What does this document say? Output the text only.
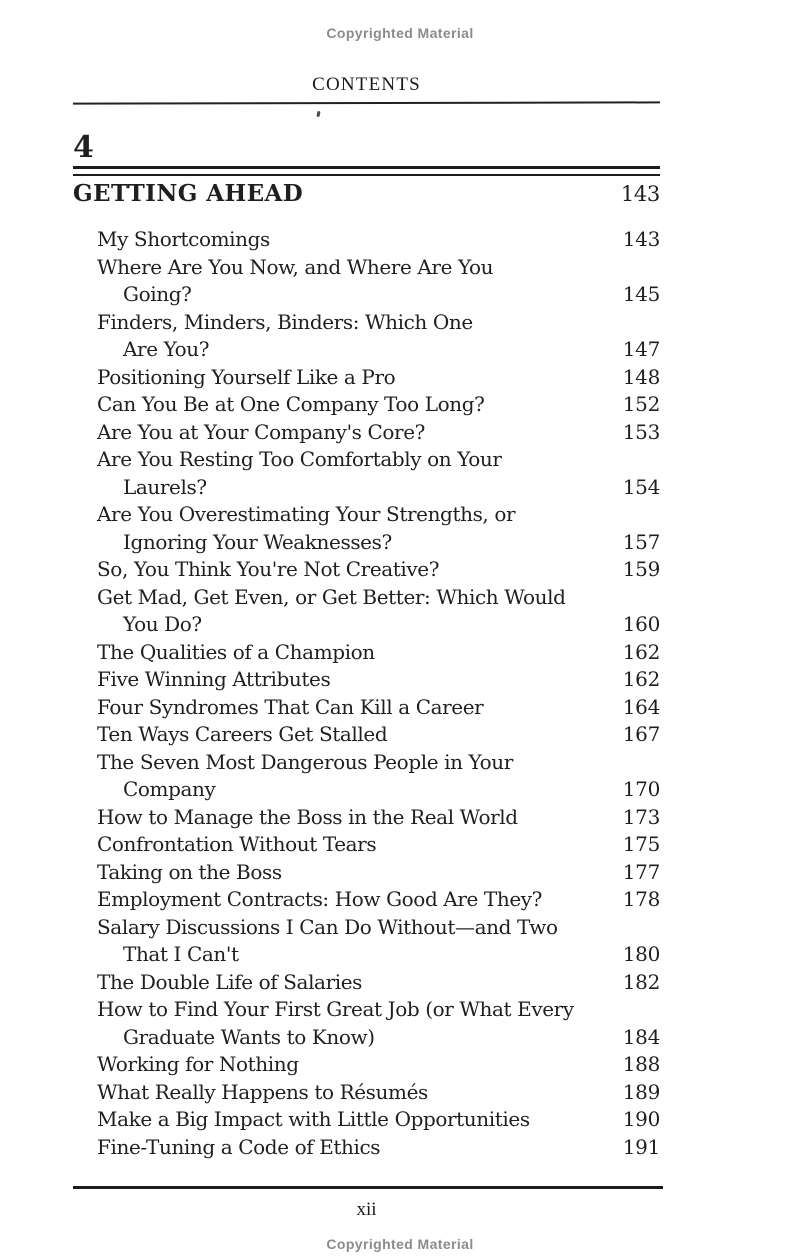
Copyrighted Material
CONTENTS
4
GETTING AHEAD	143
My Shortcomings	143
Where Are You Now, and Where Are You
Going?	145
Finders, Minders, Binders: Which One
Are You?	147
Positioning Yourself Like a Pro	148
Can You Be at One Company Too Long?	152
Are You at Your Company's Core?	153
Are You Resting Too Comfortably on Your
Laurels?	154
Are You Overestimating Your Strengths, or
Ignoring Your Weaknesses?	157
So, You Think You're Not Creative?	159
Get Mad, Get Even, or Get Better: Which Would
You Do?	160
The Qualities of a Champion	162
Five Winning Attributes	162
Four Syndromes That Can Kill a Career	164
Ten Ways Careers Get Stalled	167
The Seven Most Dangerous People in Your
Company	170
How to Manage the Boss in the Real World	173
Confrontation Without Tears	175
Taking on the Boss	177
Employment Contracts: How Good Are They?	178
Salary Discussions I Can Do Without—and Two
That I Can't	180
The Double Life of Salaries	182
How to Find Your First Great Job (or What Every
Graduate Wants to Know)	184
Working for Nothing	188
What Really Happens to Résumés	189
Make a Big Impact with Little Opportunities	190
Fine-Tuning a Code of Ethics	191
xii
Copyrighted Material
